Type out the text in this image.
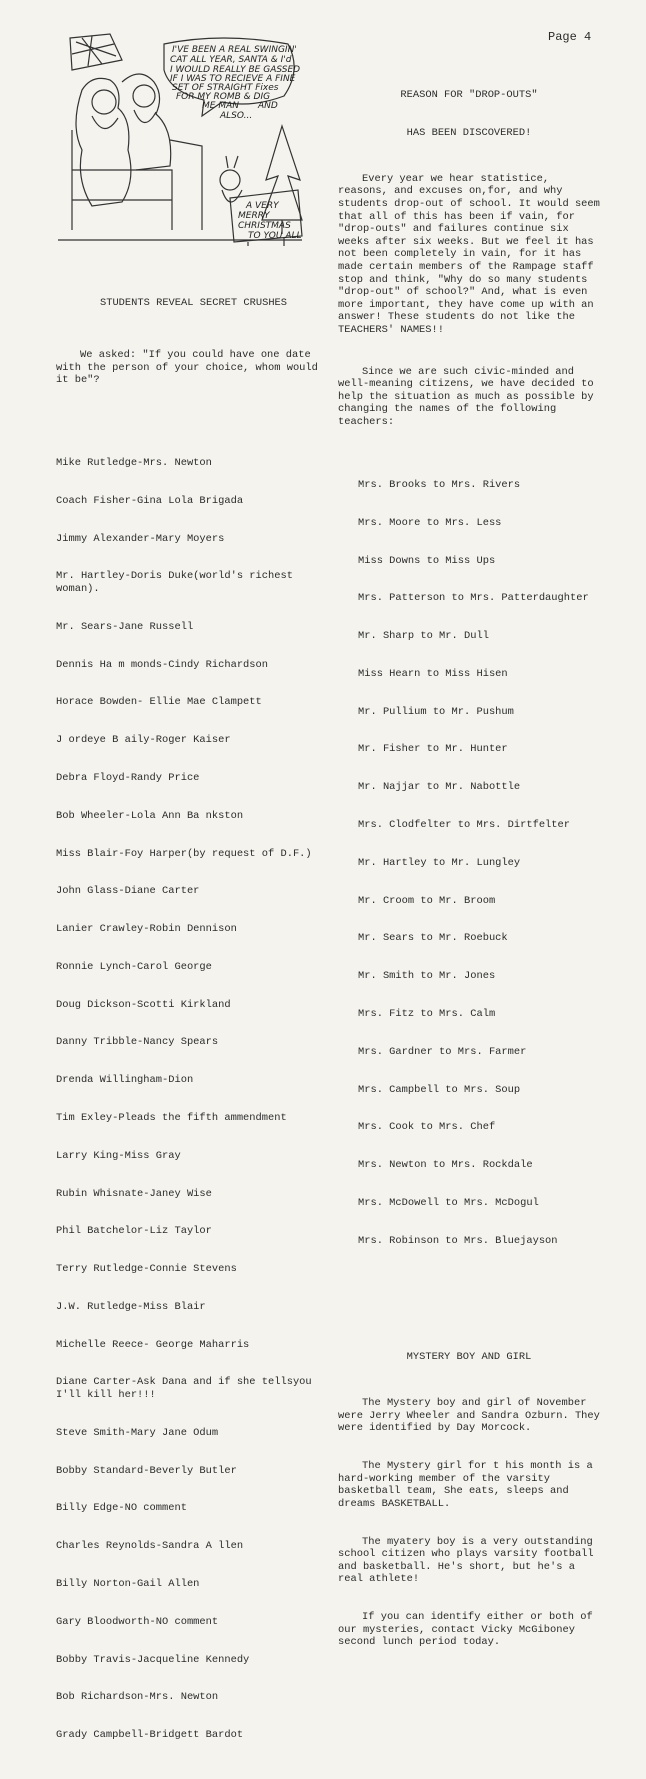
Page 4
I'VE BEEN A REAL SWINGIN'
CAT ALL YEAR, SANTA & I'd
I WOULD REALLY BE GASSED
IF I WAS TO RECIEVE A FINE
SET OF STRAIGHT Fixes
FOR MY ROMB & DIG
ME MAN AND
ALSO...
A VERY
MERRY
CHRISTMAS
TO YOU ALL

STUDENTS REVEAL SECRET CRUSHES

We asked: "If you could have one date with the person of your choice, whom would it be"?

Mike Rutledge-Mrs. Newton

Coach Fisher-Gina Lola Brigada

Jimmy Alexander-Mary Moyers

Mr. Hartley-Doris Duke(world's richest woman).

Mr. Sears-Jane Russell

Dennis Ha m monds-Cindy Richardson

Horace Bowden- Ellie Mae Clampett

J ordeye B aily-Roger Kaiser

Debra Floyd-Randy Price

Bob Wheeler-Lola Ann Ba nkston

Miss Blair-Foy Harper(by request of D.F.)

John Glass-Diane Carter

Lanier Crawley-Robin Dennison

Ronnie Lynch-Carol George

Doug Dickson-Scotti Kirkland

Danny Tribble-Nancy Spears

Drenda Willingham-Dion

Tim Exley-Pleads the fifth ammendment

Larry King-Miss Gray

Rubin Whisnate-Janey Wise

Phil Batchelor-Liz Taylor

Terry Rutledge-Connie Stevens

J.W. Rutledge-Miss Blair

Michelle Reece- George Maharris

Diane Carter-Ask Dana and if she tellsyou I'll kill her!!!

Steve Smith-Mary Jane Odum

Bobby Standard-Beverly Butler

Billy Edge-NO comment

Charles Reynolds-Sandra A llen

Billy Norton-Gail Allen

Gary Bloodworth-NO comment

Bobby Travis-Jacqueline Kennedy

Bob Richardson-Mrs. Newton

Grady Campbell-Bridgett Bardot

REASON FOR "DROP-OUTS"

HAS BEEN DISCOVERED!

Every year we hear statistice, reasons, and excuses on,for, and why students drop-out of school. It would seem that all of this has been if vain, for "drop-outs" and failures continue six weeks after six weeks. But we feel it has not been completely in vain, for it has made certain members of the Rampage staff stop and think, "Why do so many students "drop-out" of school?" And, what is even more important, they have come up with an answer! These students do not like the TEACHERS' NAMES!!

Since we are such civic-minded and well-meaning citizens, we have decided to help the situation as much as possible by changing the names of the following teachers:

Mrs. Brooks to Mrs. Rivers

Mrs. Moore to Mrs. Less

Miss Downs to Miss Ups

Mrs. Patterson to Mrs. Patterdaughter

Mr. Sharp to Mr. Dull

Miss Hearn to Miss Hisen

Mr. Pullium to Mr. Pushum

Mr. Fisher to Mr. Hunter

Mr. Najjar to Mr. Nabottle

Mrs. Clodfelter to Mrs. Dirtfelter

Mr. Hartley to Mr. Lungley

Mr. Croom to Mr. Broom

Mr. Sears to Mr. Roebuck

Mr. Smith to Mr. Jones

Mrs. Fitz to Mrs. Calm

Mrs. Gardner to Mrs. Farmer

Mrs. Campbell to Mrs. Soup

Mrs. Cook to Mrs. Chef

Mrs. Newton to Mrs. Rockdale

Mrs. McDowell to Mrs. McDogul

Mrs. Robinson to Mrs. Bluejayson

MYSTERY BOY AND GIRL

The Mystery boy and girl of November were Jerry Wheeler and Sandra Ozburn. They were identified by Day Morcock.

The Mystery girl for t his month is a hard-working member of the varsity basketball team, She eats, sleeps and dreams BASKETBALL.

The myatery boy is a very outstanding school citizen who plays varsity football and basketball. He's short, but he's a real athlete!

If you can identify either or both of our mysteries, contact Vicky McGiboney second lunch period today.
